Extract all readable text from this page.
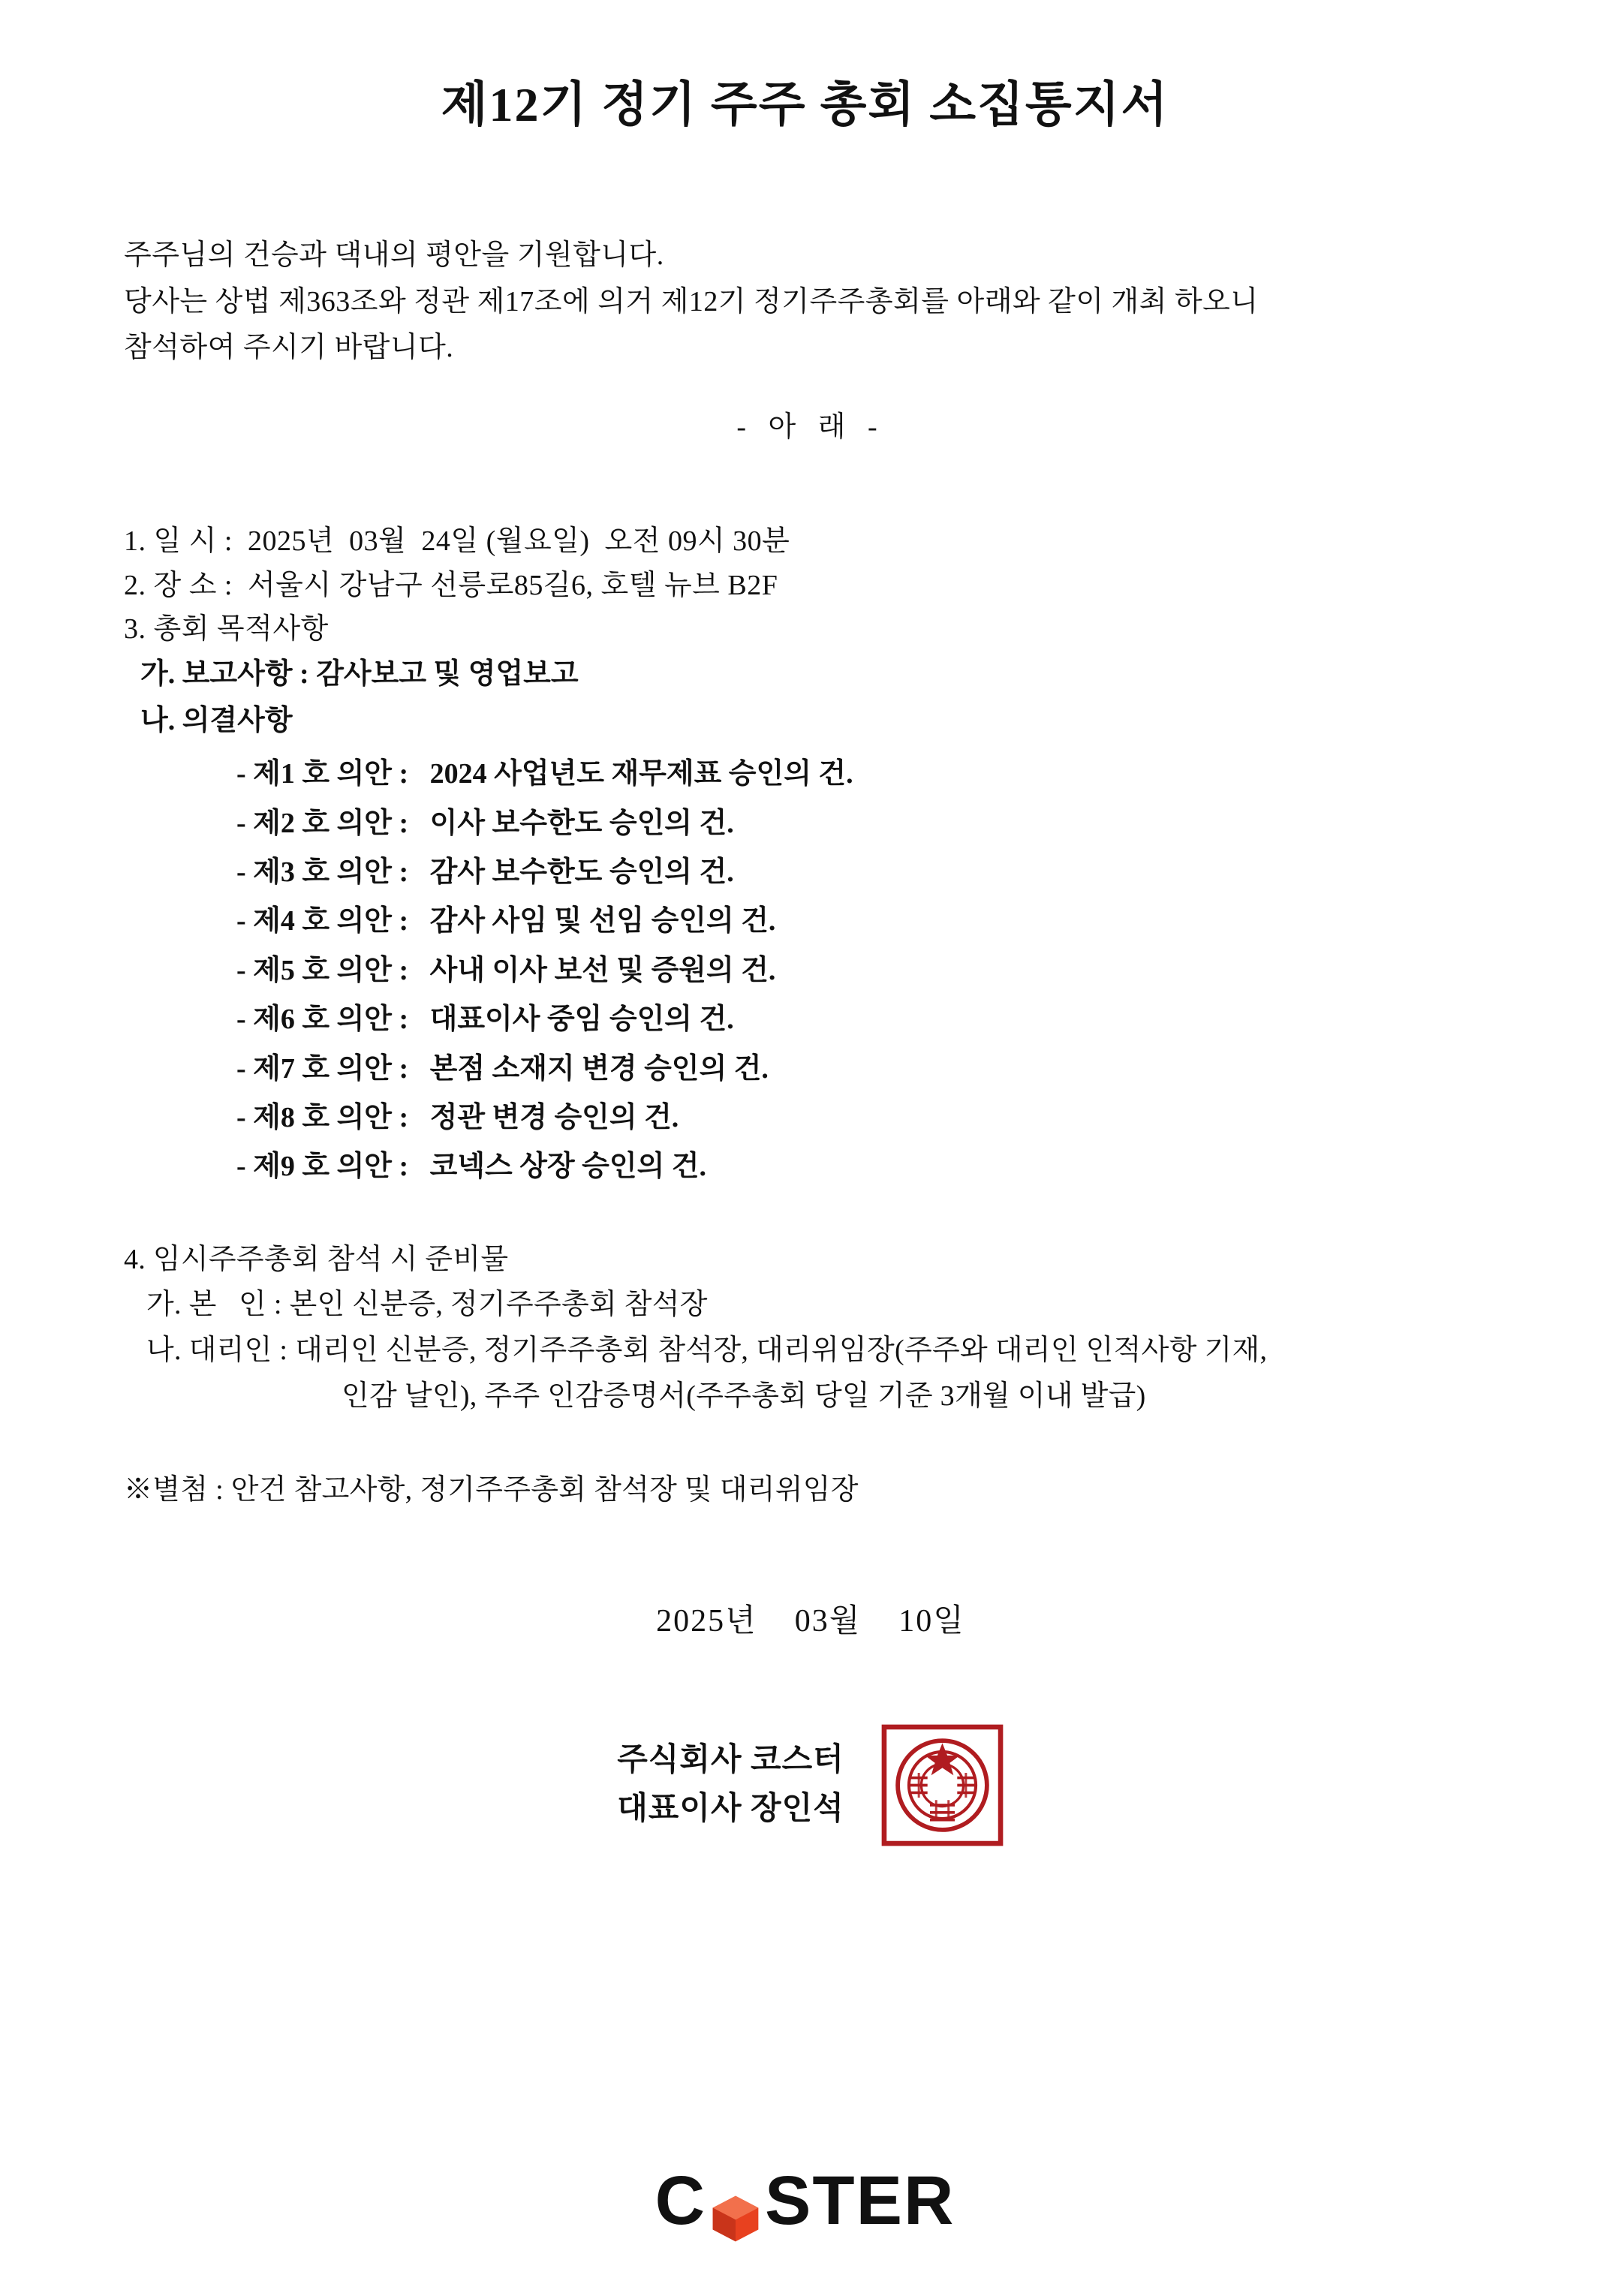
제12기 정기 주주 총회 소집통지서

주주님의 건승과 댁내의 평안을 기원합니다.

당사는 상법 제363조와 정관 제17조에 의거 제12기 정기주주총회를 아래와 같이 개최 하오니

참석하여 주시기 바랍니다.

- 아 래 -

1. 일 시 :  2025년  03월  24일 (월요일)  오전 09시 30분
2. 장 소 :  서울시 강남구 선릉로85길6, 호텔 뉴브 B2F
3. 총회 목적사항
가. 보고사항 : 감사보고 및 영업보고
나. 의결사항
- 제1 호 의안 :   2024 사업년도 재무제표 승인의 건.
- 제2 호 의안 :   이사 보수한도 승인의 건.
- 제3 호 의안 :   감사 보수한도 승인의 건.
- 제4 호 의안 :   감사 사임 및 선임 승인의 건.
- 제5 호 의안 :   사내 이사 보선 및 증원의 건.
- 제6 호 의안 :   대표이사 중임 승인의 건.
- 제7 호 의안 :   본점 소재지 변경 승인의 건.
- 제8 호 의안 :   정관 변경 승인의 건.
- 제9 호 의안 :   코넥스 상장 승인의 건.
4. 임시주주총회 참석 시 준비물
가. 본   인 : 본인 신분증, 정기주주총회 참석장
나. 대리인 : 대리인 신분증, 정기주주총회 참석장, 대리위임장(주주와 대리인 인적사항 기재,
인감 날인), 주주 인감증명서(주주총회 당일 기준 3개월 이내 발급)
※별첨 : 안건 참고사항, 정기주주총회 참석장 및 대리위임장
2025년    03월    10일
주식회사 코스터
대표이사 장인석
C STER
